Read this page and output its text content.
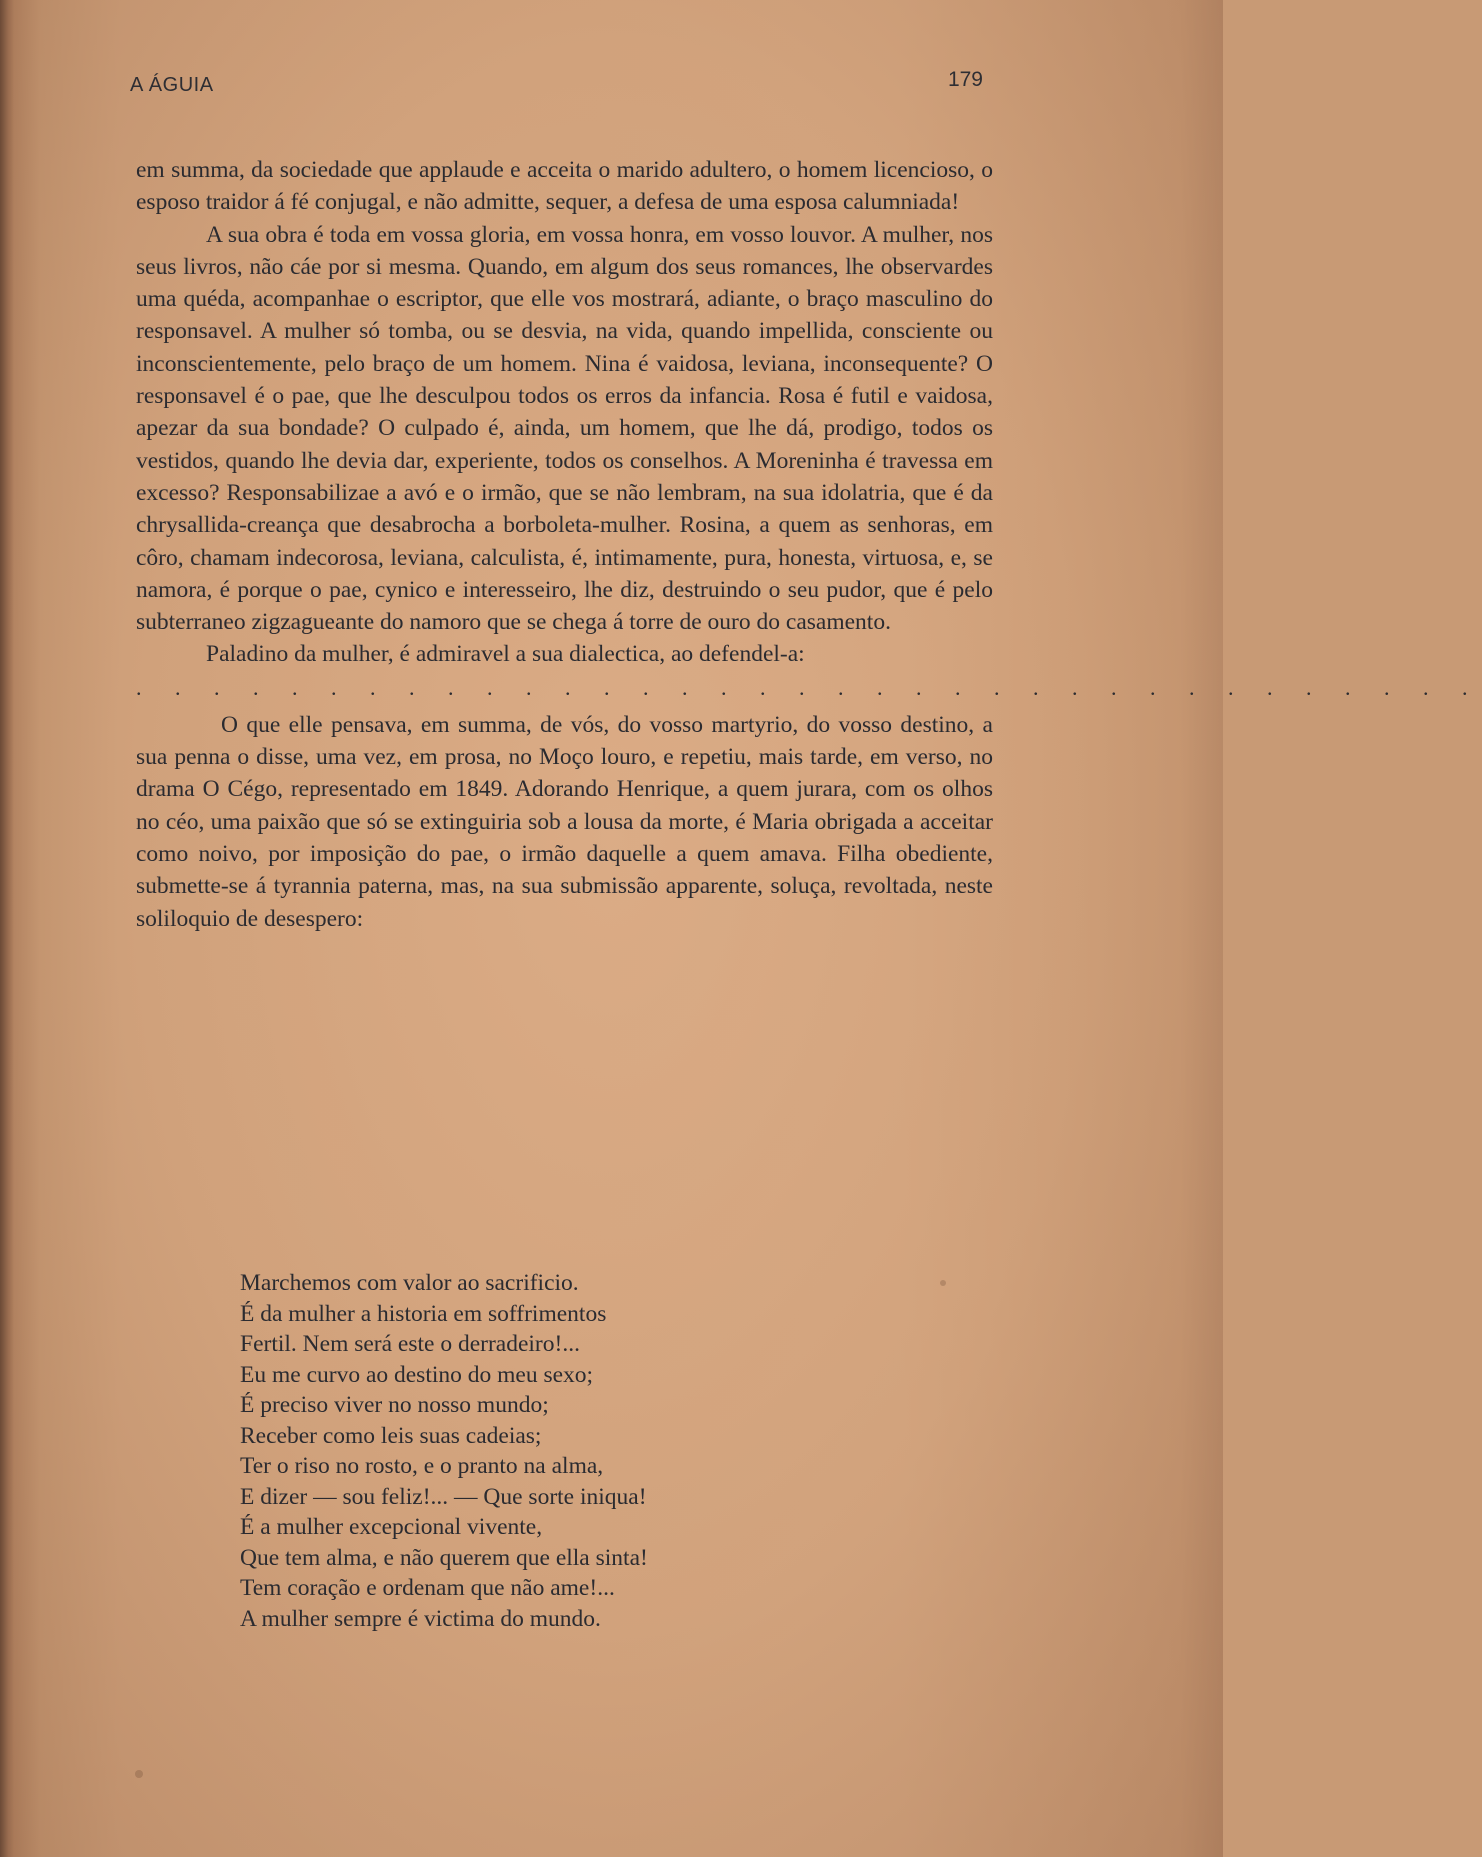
A ÁGUIA	179

em summa, da sociedade que applaude e acceita o marido adultero, o homem licencioso, o esposo traidor á fé conjugal, e não admitte, sequer, a defesa de uma esposa calumniada!

A sua obra é toda em vossa gloria, em vossa honra, em vosso louvor. A mulher, nos seus livros, não cáe por si mesma. Quando, em algum dos seus romances, lhe observardes uma quéda, acompanhae o escriptor, que elle vos mostrará, adiante, o braço masculino do responsavel. A mulher só tomba, ou se desvia, na vida, quando impellida, consciente ou inconscientemente, pelo braço de um homem. Nina é vaidosa, leviana, inconsequente? O responsavel é o pae, que lhe desculpou todos os erros da infancia. Rosa é futil e vaidosa, apezar da sua bondade? O culpado é, ainda, um homem, que lhe dá, prodigo, todos os vestidos, quando lhe devia dar, experiente, todos os conselhos. A Moreninha é travessa em excesso? Responsabilizae a avó e o irmão, que se não lembram, na sua idolatria, que é da chrysallida-creança que desabrocha a borboleta-mulher. Rosina, a quem as senhoras, em côro, chamam indecorosa, leviana, calculista, é, intimamente, pura, honesta, virtuosa, e, se namora, é porque o pae, cynico e interesseiro, lhe diz, destruindo o seu pudor, que é pelo subterraneo zigzagueante do namoro que se chega á torre de ouro do casamento.

Paladino da mulher, é admiravel a sua dialectica, ao defendel-a:

. . . . . . . . . . . . . . . . . . . . . . . . . . . . . . . . . . .

O que elle pensava, em summa, de vós, do vosso martyrio, do vosso destino, a sua penna o disse, uma vez, em prosa, no Moço louro, e repetiu, mais tarde, em verso, no drama O Cégo, representado em 1849. Adorando Henrique, a quem jurara, com os olhos no céo, uma paixão que só se extinguiria sob a lousa da morte, é Maria obrigada a acceitar como noivo, por imposição do pae, o irmão daquelle a quem amava. Filha obediente, submette-se á tyrannia paterna, mas, na sua submissão apparente, soluça, revoltada, neste soliloquio de desespero:

Marchemos com valor ao sacrificio.
É da mulher a historia em soffrimentos
Fertil. Nem será este o derradeiro!...
Eu me curvo ao destino do meu sexo;
É preciso viver no nosso mundo;
Receber como leis suas cadeias;
Ter o riso no rosto, e o pranto na alma,
E dizer — sou feliz!... — Que sorte iniqua!
É a mulher excepcional vivente,
Que tem alma, e não querem que ella sinta!
Tem coração e ordenam que não ame!...
A mulher sempre é victima do mundo.
